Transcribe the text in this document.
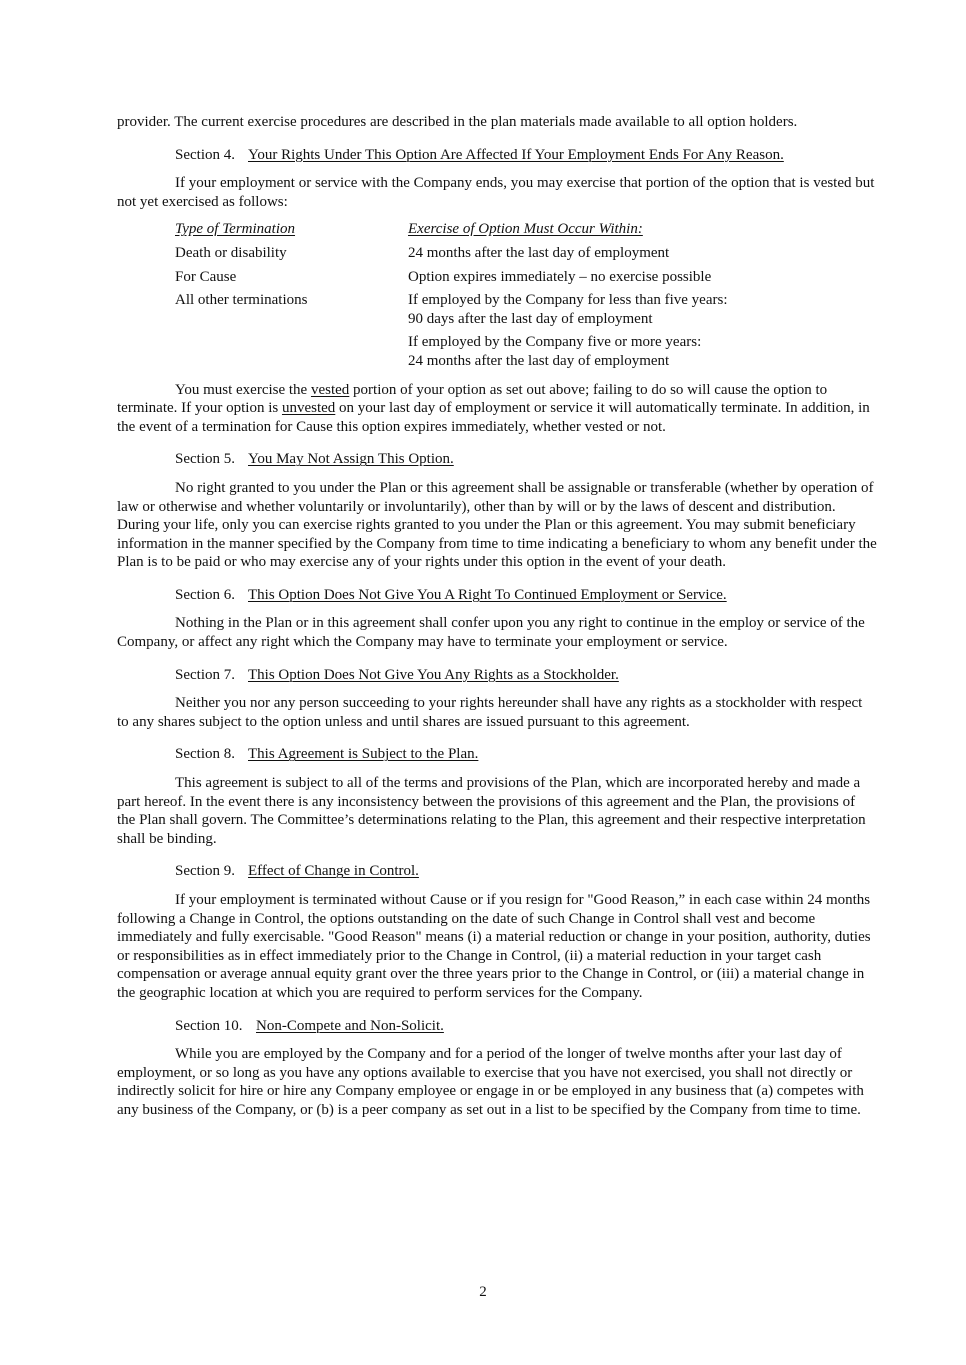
provider. The current exercise procedures are described in the plan materials made available to all option holders.

Section 4. Your Rights Under This Option Are Affected If Your Employment Ends For Any Reason.

If your employment or service with the Company ends, you may exercise that portion of the option that is vested but not yet exercised as follows:

Type of Termination	Exercise of Option Must Occur Within:
Death or disability	24 months after the last day of employment

For Cause	Option expires immediately – no exercise possible

All other terminations	If employed by the Company for less than five years:
90 days after the last day of employment

	If employed by the Company five or more years:
24 months after the last day of employment

You must exercise the vested portion of your option as set out above; failing to do so will cause the option to terminate. If your option is unvested on your last day of employment or service it will automatically terminate. In addition, in the event of a termination for Cause this option expires immediately, whether vested or not.

Section 5. You May Not Assign This Option.

No right granted to you under the Plan or this agreement shall be assignable or transferable (whether by operation of law or otherwise and whether voluntarily or involuntarily), other than by will or by the laws of descent and distribution. During your life, only you can exercise rights granted to you under the Plan or this agreement. You may submit beneficiary information in the manner specified by the Company from time to time indicating a beneficiary to whom any benefit under the Plan is to be paid or who may exercise any of your rights under this option in the event of your death.

Section 6. This Option Does Not Give You A Right To Continued Employment or Service.

Nothing in the Plan or in this agreement shall confer upon you any right to continue in the employ or service of the Company, or affect any right which the Company may have to terminate your employment or service.

Section 7. This Option Does Not Give You Any Rights as a Stockholder.

Neither you nor any person succeeding to your rights hereunder shall have any rights as a stockholder with respect to any shares subject to the option unless and until shares are issued pursuant to this agreement.

Section 8. This Agreement is Subject to the Plan.

This agreement is subject to all of the terms and provisions of the Plan, which are incorporated hereby and made a part hereof. In the event there is any inconsistency between the provisions of this agreement and the Plan, the provisions of the Plan shall govern. The Committee’s determinations relating to the Plan, this agreement and their respective interpretation shall be binding.

Section 9. Effect of Change in Control.

If your employment is terminated without Cause or if you resign for "Good Reason,” in each case within 24 months following a Change in Control, the options outstanding on the date of such Change in Control shall vest and become immediately and fully exercisable. "Good Reason" means (i) a material reduction or change in your position, authority, duties or responsibilities as in effect immediately prior to the Change in Control, (ii) a material reduction in your target cash compensation or average annual equity grant over the three years prior to the Change in Control, or (iii) a material change in the geographic location at which you are required to perform services for the Company.

Section 10. Non-Compete and Non-Solicit.

While you are employed by the Company and for a period of the longer of twelve months after your last day of employment, or so long as you have any options available to exercise that you have not exercised, you shall not directly or indirectly solicit for hire or hire any Company employee or engage in or be employed in any business that (a) competes with any business of the Company, or (b) is a peer company as set out in a list to be specified by the Company from time to time.

2
